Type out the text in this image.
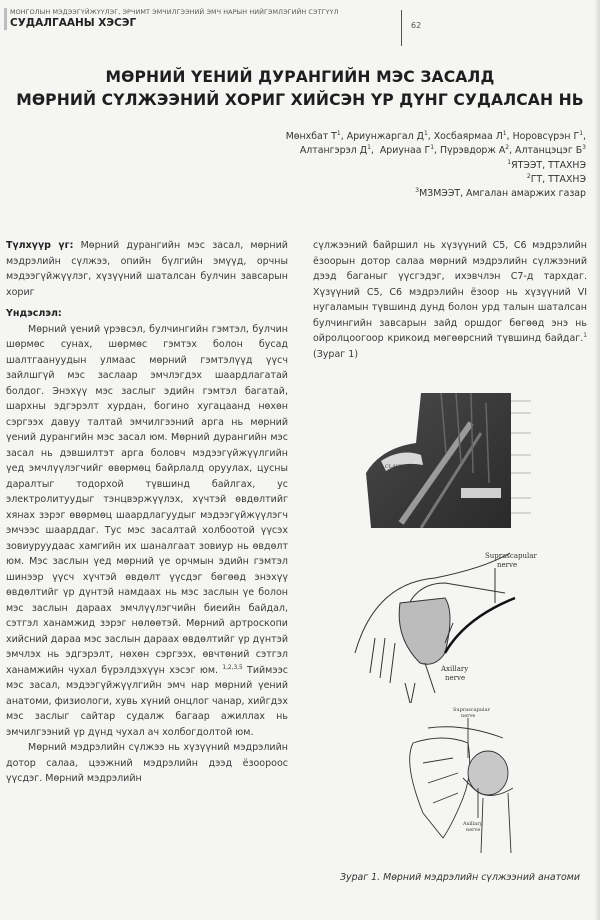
МОНГОЛЫН МЭДЭЭГҮЙЖҮҮЛЭГ, ЭРЧИМТ ЭМЧИЛГЭЭНИЙ ЭМЧ НАРЫН НИЙГЭМЛЭГИЙН СЭТГҮҮЛ
СУДАЛГААНЫ ХЭСЭГ	62
МӨРНИЙ ҮЕНИЙ ДУРАНГИЙН МЭС ЗАСАЛД
МӨРНИЙ СҮЛЖЭЭНИЙ ХОРИГ ХИЙСЭН ҮР ДҮНГ СУДАЛСАН НЬ
Мөнхбат $Т^1$, Ариунжаргал $Д^1$, Хосбаярмаа $Л^1$, Норовсүрэн $Г^1$,
Алтангэрэл $Д^1$,  Ариунаа $Г^1$, Пүрэвдорж $А^2$, Алтанцэцэг $Б^3$
$^1$ЯТЭЭТ, ТТАХНЭ
$^2$ГТ, ТТАХНЭ
$^3$МЗМЭЭТ, Амгалан амаржих газар

Түлхүүр үг: Мөрний дурангийн мэс засал, мөрний мэдрэлийн сүлжээ, опийн бүлгийн эмүүд, орчны мэдээгүйжүүлэг, хүзүүний шаталсан булчин завсарын хориг

Үндэслэл:

Мөрний үений үрэвсэл, булчингийн гэмтэл, булчин шөрмөс сунах, шөрмөс гэмтэх болон бусад шалтгаануудын улмаас мөрний гэмтэлүүд үүсч зайлшгүй мэс заслаар эмчлэгдэх шаардлагатай болдог. Энэхүү мэс заслыг эдийн гэмтэл багатай, шархны эдгэрэлт хурдан, богино хугацаанд нөхөн сэргээх давуу талтай эмчилгээний арга нь мөрний үений дурангийн мэс засал юм. Мөрний дурангийн мэс засал нь дэвшилтэт арга боловч мэдээгүйжүүлгийн үед эмчлүүлэгчийг өвөрмөц байрлалд оруулах, цусны даралтыг тодорхой түвшинд байлгах, ус электролитуудыг тэнцвэржүүлэх, хүчтэй өвдөлтийг хянах зэрэг өвөрмөц шаардлагуудыг мэдээгүйжүүлэгч эмчээс шаарддаг. Тус мэс засалтай холбоотой үүсэх зовиуруудаас хамгийн их шаналгаат зовиур нь өвдөлт юм. Мэс заслын үед мөрний үе орчмын эдийн гэмтэл шинээр үүсч хүчтэй өвдөлт үүсдэг бөгөөд энэхүү өвдөлтийг үр дүнтэй намдаах нь мэс заслын үе болон мэс заслын дараах эмчлүүлэгчийн биеийн байдал, сэтгэл ханамжид зэрэг нөлөөтэй. Мөрний артроскопи хийсний дараа мэс заслын дараах өвдөлтийг үр дүнтэй эмчлэх нь эдгэрэлт, нөхөн сэргээх, өвчтөний сэтгэл ханамжийн чухал бүрэлдэхүүн хэсэг юм. $^{1,2,3,5}$ Тиймээс мэс засал, мэдээгүйжүүлгийн эмч нар мөрний үений анатоми, физиологи, хувь хүний онцлог чанар, хийгдэх мэс заслыг сайтар судалж багаар ажиллах нь эмчилгээний үр дүнд чухал ач холбогдолтой юм.

Мөрний мэдрэлийн сүлжээ нь хүзүүний мэдрэлийн дотор салаа, цээжний мэдрэлийн дээд ёзоороос үүсдэг. Мөрний мэдрэлийн

сүлжээний байршил нь хүзүүний C5, C6 мэдрэлийн ёзоорын дотор салаа мөрний мэдрэлийн сүлжээний дээд баганыг үүсгэдэг, ихэвчлэн C7-д тархдаг. Хүзүүний C5, C6 мэдрэлийн ёзоор нь хүзүүний VI нугаламын түвшинд дунд болон урд талын шаталсан булчингийн завсарын зайд оршдог бөгөөд энэ нь ойролцоогоор крикоид мөгөөрсний түвшинд байдаг.$^1$ (Зураг 1)

CLAVICLE
Suprascapular
nerve
Axillary
nerve
Suprascapular
nerve
Axillary
nerve
Зураг 1. Мөрний мэдрэлийн сүлжээний анатоми
